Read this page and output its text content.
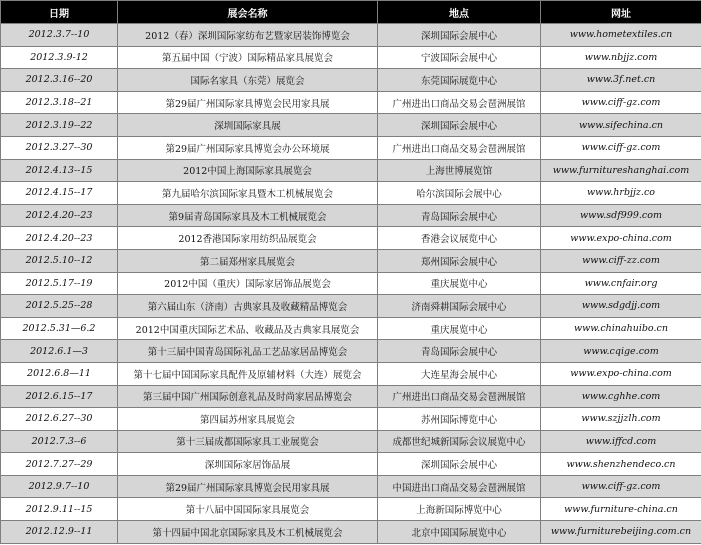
日期	展会名称	地点	网址
2012.3.7--10	2012（春）深圳国际家纺布艺暨家居装饰博览会	深圳国际会展中心	www.hometextiles.cn
2012.3.9-12	第五届中国（宁波）国际精品家具展览会	宁波国际会展中心	www.nbjjz.com
2012.3.16--20	国际名家具（东莞）展览会	东莞国际展览中心	www.3f.net.cn
2012.3.18--21	第29届广州国际家具博览会民用家具展	广州进出口商品交易会琶洲展馆	www.ciff-gz.com
2012.3.19--22	深圳国际家具展	深圳国际会展中心	www.sifechina.cn
2012.3.27--30	第29届广州国际家具博览会办公环境展	广州进出口商品交易会琶洲展馆	www.ciff-gz.com
2012.4.13--15	2012中国上海国际家具展览会	上海世博展览馆	www.furnitureshanghai.com
2012.4.15--17	第九届哈尔滨国际家具暨木工机械展览会	哈尔滨国际会展中心	www.hrbjjz.co
2012.4.20--23	第9届青岛国际家具及木工机械展览会	青岛国际会展中心	www.sdf999.com
2012.4.20--23	2012香港国际家用纺织品展览会	香港会议展览中心	www.expo-china.com
2012.5.10--12	第二届郑州家具展览会	郑州国际会展中心	www.ciff-zz.com
2012.5.17--19	2012中国（重庆）国际家居饰品展览会	重庆展览中心	www.cnfair.org
2012.5.25--28	第六届山东（济南）古典家具及收藏精品博览会	济南舜耕国际会展中心	www.sdgdjj.com
2012.5.31—6.2	2012中国重庆国际艺术品、收藏品及古典家具展览会	重庆展览中心	www.chinahuibo.cn
2012.6.1—3	第十三届中国青岛国际礼品工艺品家居品博览会	青岛国际会展中心	www.cqige.com
2012.6.8—11	第十七届中国国际家具配件及原辅材料（大连）展览会	大连星海会展中心	www.expo-china.com
2012.6.15--17	第三届中国广州国际创意礼品及时尚家居品博览会	广州进出口商品交易会琶洲展馆	www.cghhe.com
2012.6.27--30	第四届苏州家具展览会	苏州国际博览中心	www.szjjzlh.com
2012.7.3--6	第十三届成都国际家具工业展览会	成都世纪城新国际会议展览中心	www.iffcd.com
2012.7.27--29	深圳国际家居饰品展	深圳国际会展中心	www.shenzhendeco.cn
2012.9.7--10	第29届广州国际家具博览会民用家具展	中国进出口商品交易会琶洲展馆	www.ciff-gz.com
2012.9.11--15	第十八届中国国际家具展览会	上海新国际博览中心	www.furniture-china.cn
2012.12.9--11	第十四届中国北京国际家具及木工机械展览会	北京中国国际展览中心	www.furniturebeijing.com.cn
